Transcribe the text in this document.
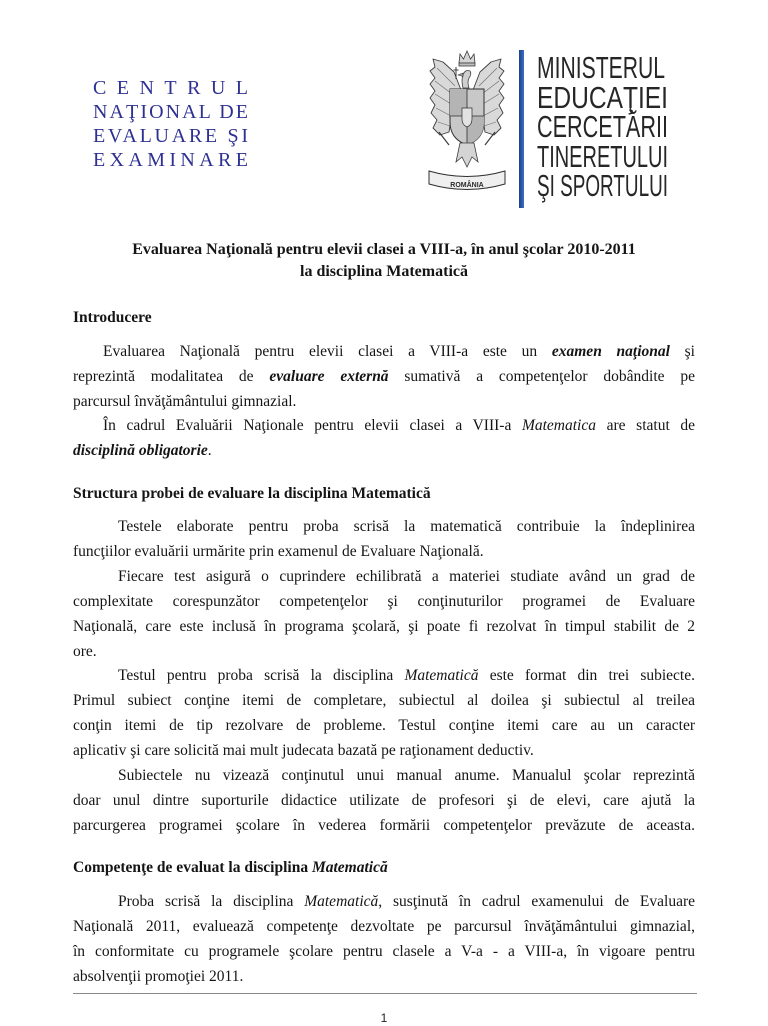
CENTRUL
NAŢIONAL DE
EVALUARE ŞI
EXAMINARE
ROMÂNIA
MINISTERUL
EDUCAŢIEI
CERCETĂRII
TINERETULUI
ŞI SPORTULUI
Evaluarea Naţională pentru elevii clasei a VIII-a, în anul şcolar 2010-2011
la disciplina Matematică
Introducere
Evaluarea Naţională pentru elevii clasei a VIII-a este un examen naţional şi
reprezintă modalitatea de evaluare externă sumativă a competenţelor dobândite pe
parcursul învăţământului gimnazial.
În cadrul Evaluării Naţionale pentru elevii clasei a VIII-a Matematica are statut de
disciplină obligatorie.
Structura probei de evaluare la disciplina Matematică
Testele elaborate pentru proba scrisă la matematică contribuie la îndeplinirea
funcţiilor evaluării urmărite prin examenul de Evaluare Naţională.
Fiecare test asigură o cuprindere echilibrată a materiei studiate având un grad de
complexitate corespunzător competenţelor şi conţinuturilor programei de Evaluare
Naţională, care este inclusă în programa şcolară, şi poate fi rezolvat în timpul stabilit de 2
ore.
Testul pentru proba scrisă la disciplina Matematică este format din trei subiecte.
Primul subiect conţine itemi de completare, subiectul al doilea şi subiectul al treilea
conţin itemi de tip rezolvare de probleme. Testul conţine itemi care au un caracter
aplicativ şi care solicită mai mult judecata bazată pe raţionament deductiv.
Subiectele nu vizează conţinutul unui manual anume. Manualul şcolar reprezintă
doar unul dintre suporturile didactice utilizate de profesori şi de elevi, care ajută la
parcurgerea programei şcolare în vederea formării competenţelor prevăzute de aceasta.
Competenţe de evaluat la disciplina Matematică
Proba scrisă la disciplina Matematică, susţinută în cadrul examenului de Evaluare
Naţională 2011, evaluează competenţe dezvoltate pe parcursul învăţământului gimnazial,
în conformitate cu programele şcolare pentru clasele a V-a - a VIII-a, în vigoare pentru
absolvenţii promoţiei 2011.
1
